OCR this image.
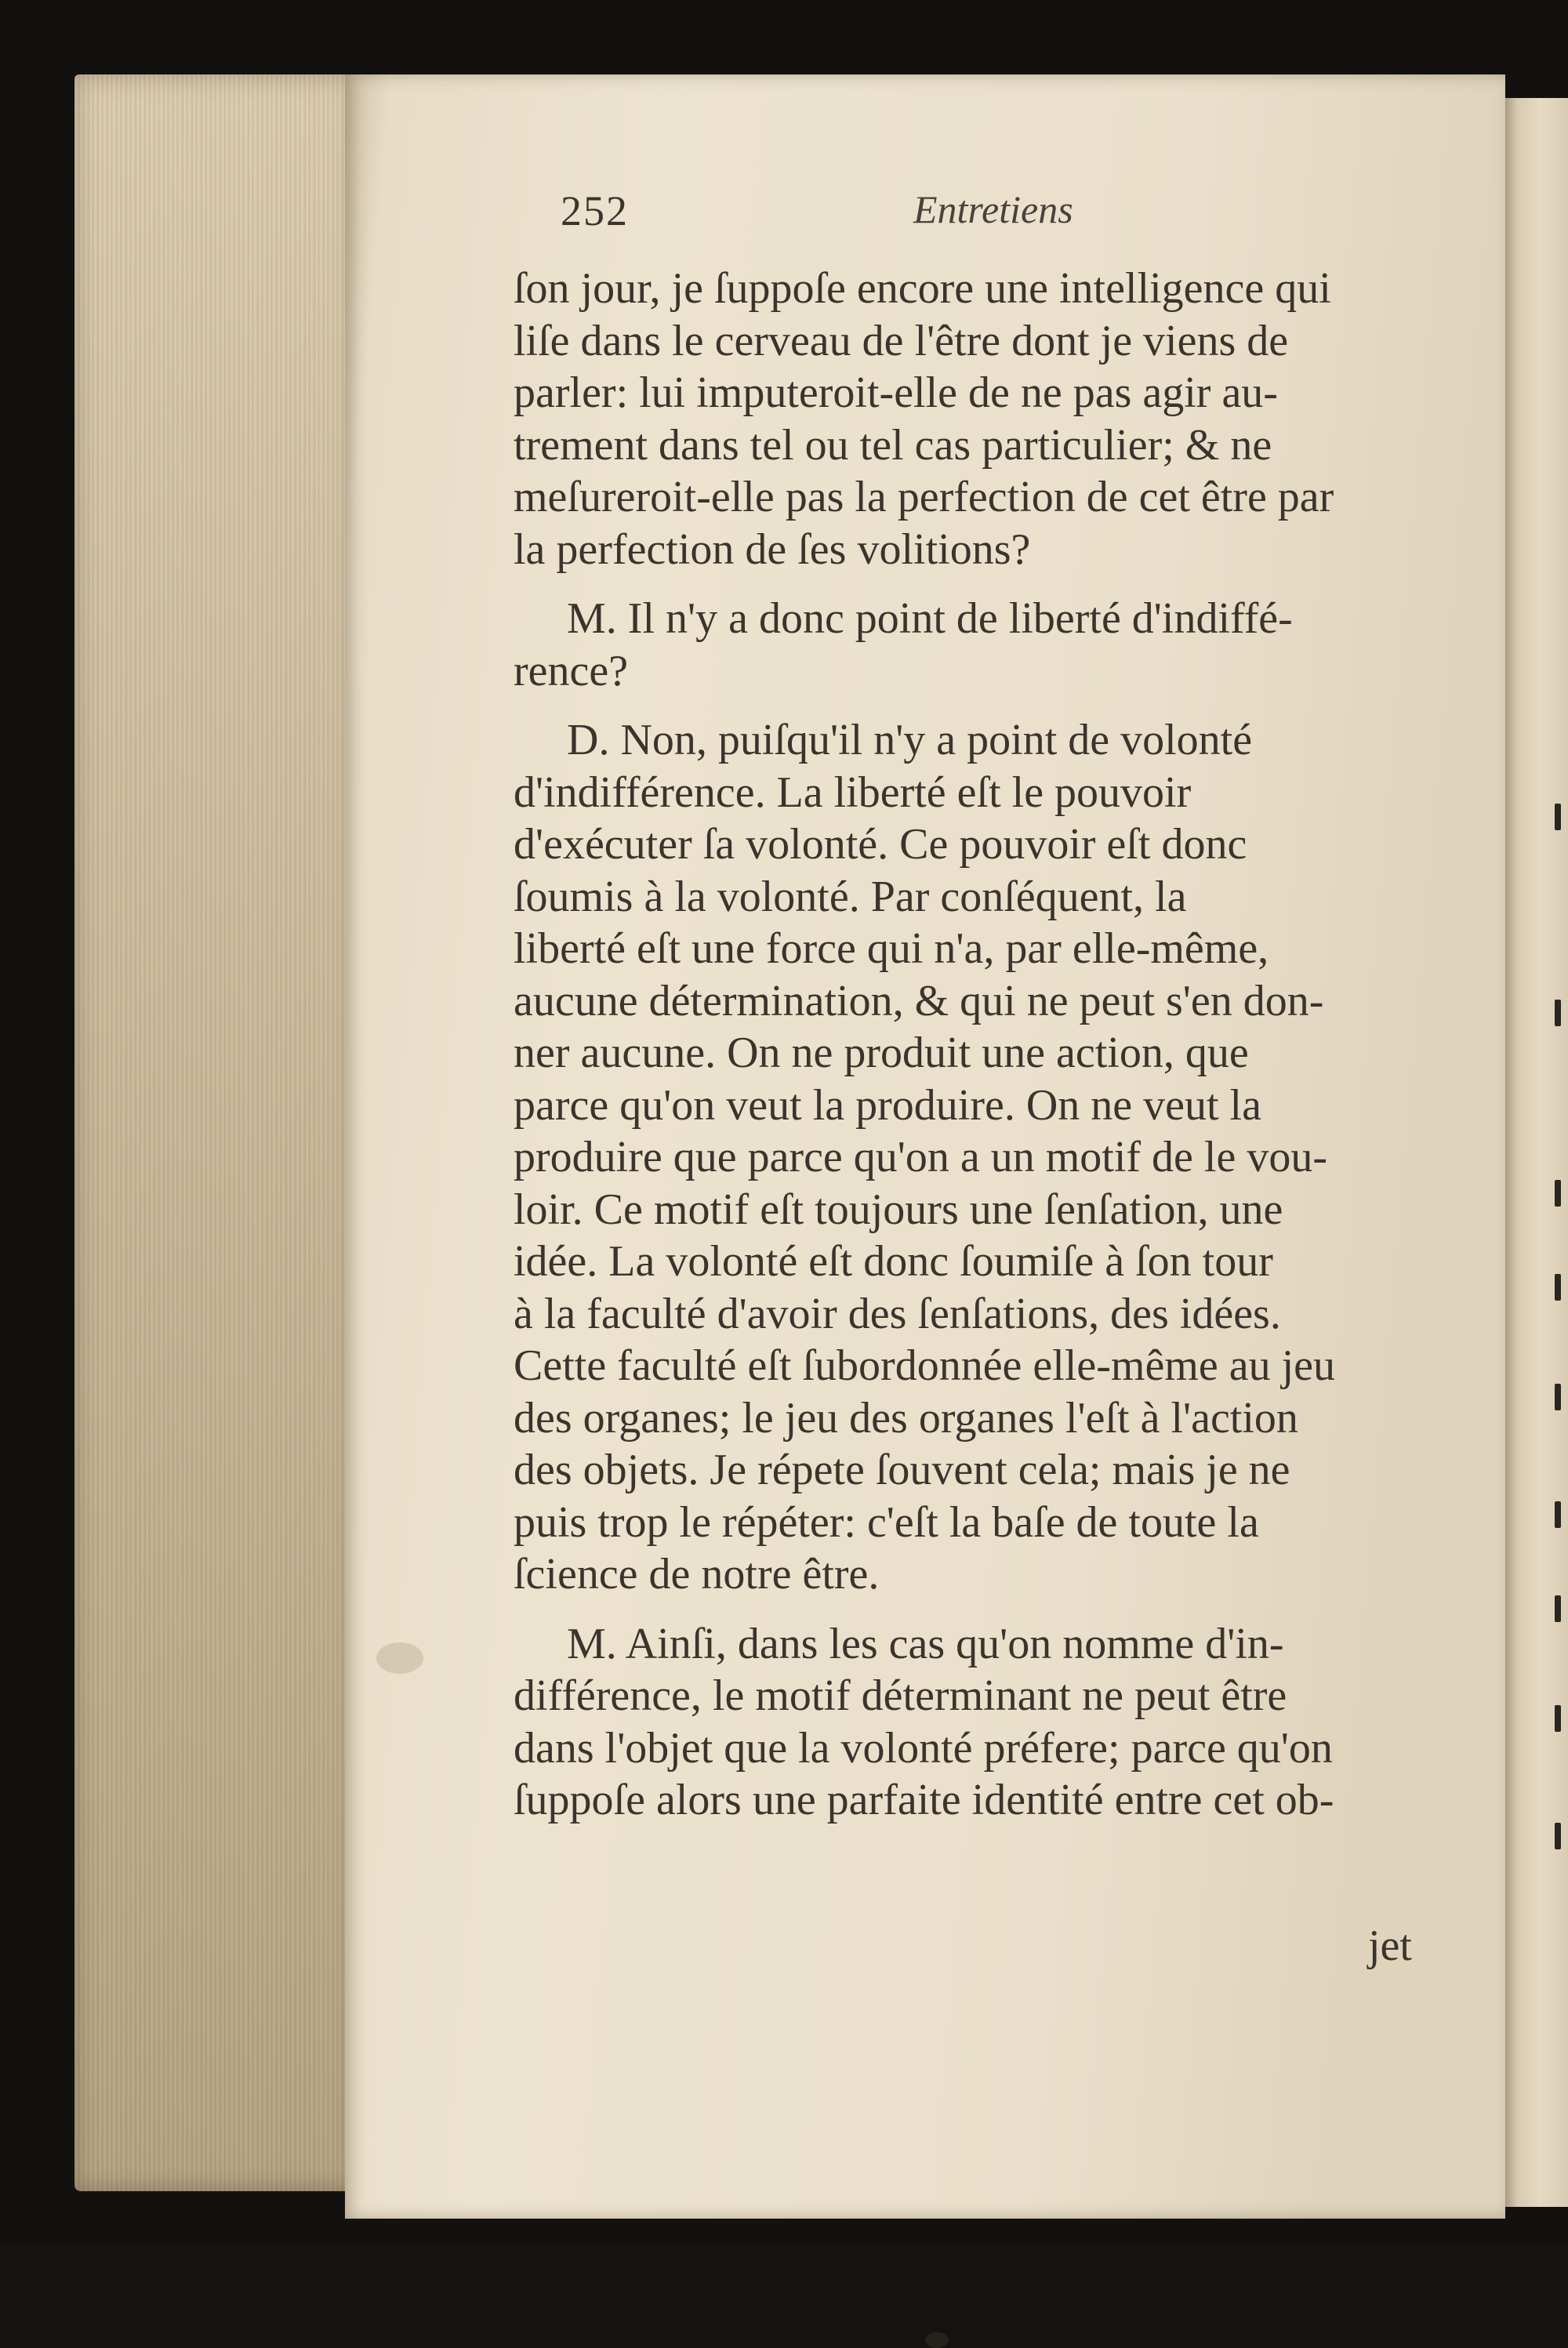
252	Entretiens

ſon jour, je ſuppoſe encore une intelligence qui
liſe dans le cerveau de l'être dont je viens de
parler: lui imputeroit-elle de ne pas agir au-
trement dans tel ou tel cas particulier; & ne
meſureroit-elle pas la perfection de cet être par
la perfection de ſes volitions?

M. Il n'y a donc point de liberté d'indiffé-
rence?

D. Non, puiſqu'il n'y a point de volonté
d'indifférence. La liberté eſt le pouvoir
d'exécuter ſa volonté. Ce pouvoir eſt donc
ſoumis à la volonté. Par conſéquent, la
liberté eſt une force qui n'a, par elle-même,
aucune détermination, & qui ne peut s'en don-
ner aucune. On ne produit une action, que
parce qu'on veut la produire. On ne veut la
produire que parce qu'on a un motif de le vou-
loir. Ce motif eſt toujours une ſenſation, une
idée. La volonté eſt donc ſoumiſe à ſon tour
à la faculté d'avoir des ſenſations, des idées.
Cette faculté eſt ſubordonnée elle-même au jeu
des organes; le jeu des organes l'eſt à l'action
des objets. Je répete ſouvent cela; mais je ne
puis trop le répéter: c'eſt la baſe de toute la
ſcience de notre être.

M. Ainſi, dans les cas qu'on nomme d'in-
différence, le motif déterminant ne peut être
dans l'objet que la volonté préfere; parce qu'on
ſuppoſe alors une parfaite identité entre cet ob-

jet
